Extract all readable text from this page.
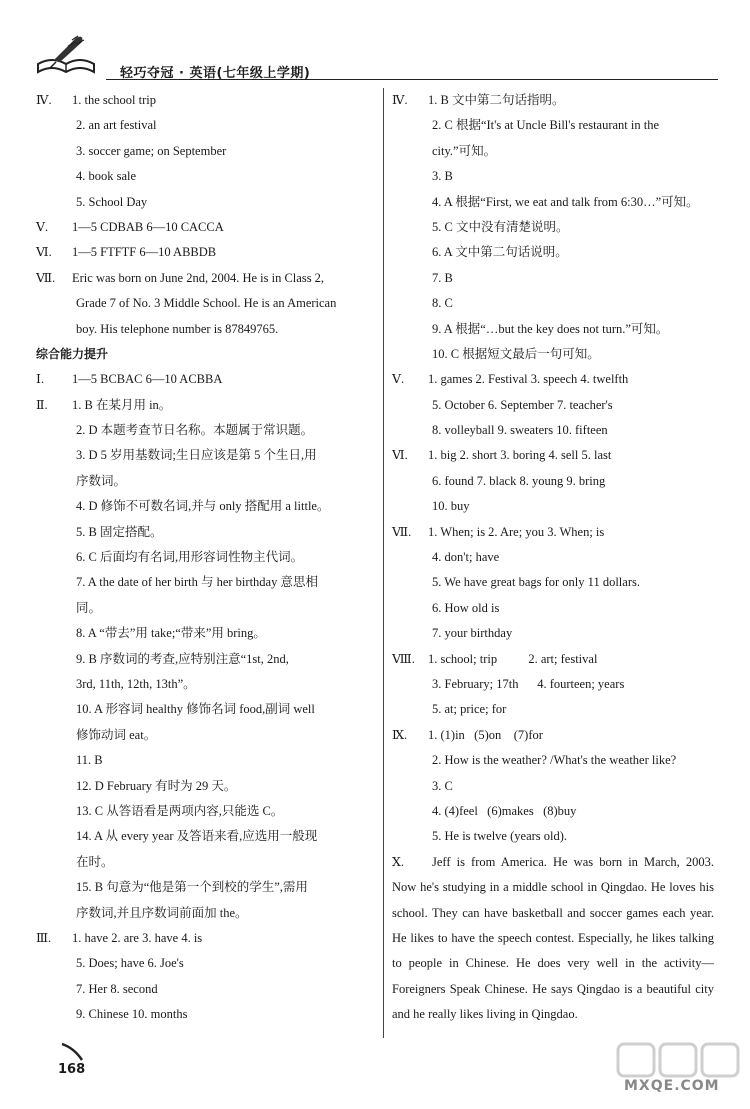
轻巧夺冠 · 英语(七年级上学期)
Ⅳ. 1. the school trip
2. an art festival
3. soccer game; on September
4. book sale
5. School Day
Ⅴ. 1—5 CDBAB 6—10 CACCA
Ⅵ. 1—5 FTFTF 6—10 ABBDB
Ⅶ. Eric was born on June 2nd, 2004. He is in Class 2,
Grade 7 of No. 3 Middle School. He is an American
boy. His telephone number is 87849765.
综合能力提升
Ⅰ. 1—5 BCBAC 6—10 ACBBA
Ⅱ. 1. B 在某月用 in。
2. D 本题考查节日名称。本题属于常识题。
3. D 5 岁用基数词;生日应该是第 5 个生日,用
序数词。
4. D 修饰不可数名词,并与 only 搭配用 a little。
5. B 固定搭配。
6. C 后面均有名词,用形容词性物主代词。
7. A the date of her birth 与 her birthday 意思相
同。
8. A “带去”用 take;“带来”用 bring。
9. B 序数词的考查,应特别注意“1st, 2nd,
3rd, 11th, 12th, 13th”。
10. A 形容词 healthy 修饰名词 food,副词 well
修饰动词 eat。
11. B
12. D February 有时为 29 天。
13. C 从答语看是两项内容,只能选 C。
14. A 从 every year 及答语来看,应选用一般现
在时。
15. B 句意为“他是第一个到校的学生”,需用
序数词,并且序数词前面加 the。
Ⅲ. 1. have 2. are 3. have 4. is
5. Does; have 6. Joe's
7. Her 8. second
9. Chinese 10. months
Ⅳ. 1. B 文中第二句话指明。
2. C 根据“It's at Uncle Bill's restaurant in the
city.”可知。
3. B
4. A 根据“First, we eat and talk from 6:30…”可知。
5. C 文中没有清楚说明。
6. A 文中第二句话说明。
7. B
8. C
9. A 根据“…but the key does not turn.”可知。
10. C 根据短文最后一句可知。
Ⅴ. 1. games 2. Festival 3. speech 4. twelfth
5. October 6. September 7. teacher's
8. volleyball 9. sweaters 10. fifteen
Ⅵ. 1. big 2. short 3. boring 4. sell 5. last
6. found 7. black 8. young 9. bring
10. buy
Ⅶ. 1. When; is 2. Are; you 3. When; is
4. don't; have
5. We have great bags for only 11 dollars.
6. How old is
7. your birthday
Ⅷ. 1. school; trip          2. art; festival
3. February; 17th      4. fourteen; years
5. at; price; for
Ⅸ. 1. (1)in   (5)on    (7)for
2. How is the weather? /What's the weather like?
3. C
4. (4)feel   (6)makes   (8)buy
5. He is twelve (years old).
Ⅹ.	Jeff is from America. He was born in March, 2003. Now he's studying in a middle school in Qingdao. He loves his school. They can have basketball and soccer games each year. He likes to have the speech contest. Especially, he likes talking to people in Chinese. He does very well in the activity—Foreigners Speak Chinese. He says Qingdao is a beautiful city and he really likes living in Qingdao.
168
MXQE.COM
